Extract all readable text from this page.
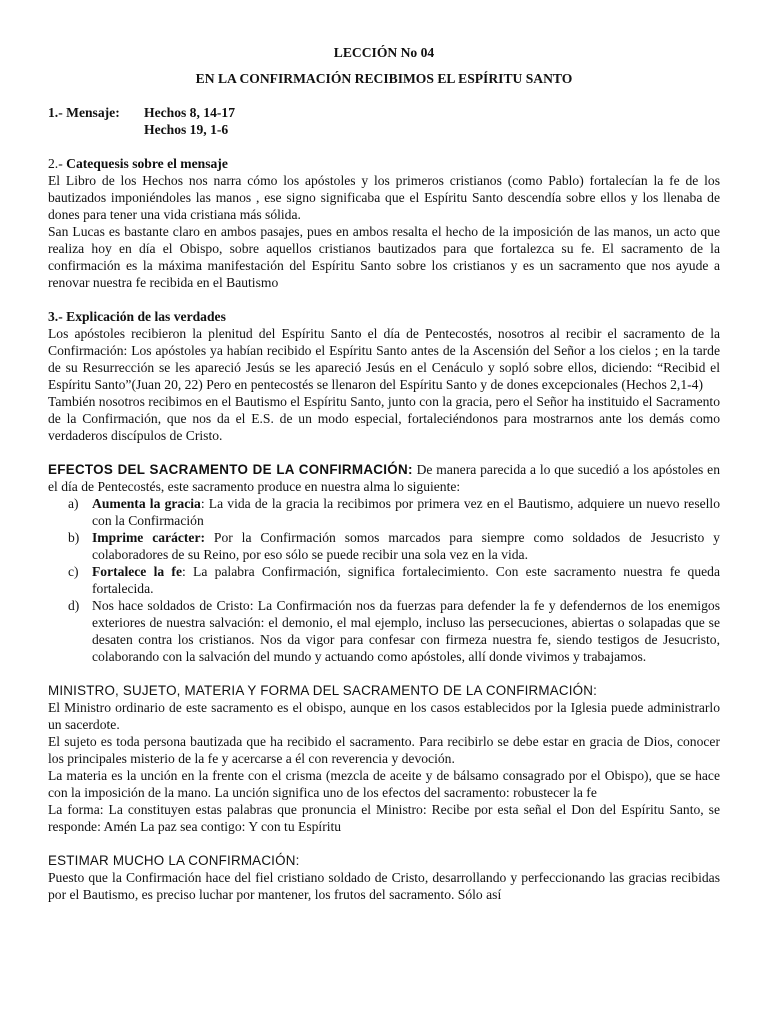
LECCIÓN No 04
EN LA CONFIRMACIÓN RECIBIMOS EL ESPÍRITU SANTO
1.- Mensaje:	Hechos 8, 14-17
Hechos 19, 1-6
2.- Catequesis sobre el mensaje

El Libro de los Hechos nos narra cómo los apóstoles y los primeros cristianos (como Pablo) fortalecían la fe de los bautizados imponiéndoles las manos , ese signo significaba que el Espíritu Santo descendía sobre ellos y los llenaba de dones para tener una vida cristiana más sólida.

San Lucas es bastante claro en ambos pasajes, pues en ambos resalta el hecho de la imposición de las manos, un acto que realiza hoy en día el Obispo, sobre aquellos cristianos bautizados para que fortalezca su fe. El sacramento de la confirmación es la máxima manifestación del Espíritu Santo sobre los cristianos y es un sacramento que nos ayude a renovar nuestra fe recibida en el Bautismo

3.- Explicación de las verdades

Los apóstoles recibieron la plenitud del Espíritu Santo el día de Pentecostés, nosotros al recibir el sacramento de la Confirmación: Los apóstoles ya habían recibido el Espíritu Santo antes de la Ascensión del Señor a los cielos ; en la tarde de su Resurrección se les apareció Jesús se les apareció Jesús en el Cenáculo y sopló sobre ellos, diciendo: “Recibid el Espíritu Santo”(Juan 20, 22) Pero en pentecostés se llenaron del Espíritu Santo y de dones excepcionales (Hechos 2,1-4)

También nosotros recibimos en el Bautismo el Espíritu Santo, junto con la gracia, pero el Señor ha instituido el Sacramento de la Confirmación, que nos da el E.S. de un modo especial, fortaleciéndonos para mostrarnos ante los demás como verdaderos discípulos de Cristo.

EFECTOS DEL SACRAMENTO DE LA CONFIRMACIÓN: De manera parecida a lo que sucedió a los apóstoles en el día de Pentecostés, este sacramento produce en nuestra alma lo siguiente:

a) Aumenta la gracia: La vida de la gracia la recibimos por primera vez en el Bautismo, adquiere un nuevo resello con la Confirmación
b) Imprime carácter: Por la Confirmación somos marcados para siempre como soldados de Jesucristo y colaboradores de su Reino, por eso sólo se puede recibir una sola vez en la vida.
c) Fortalece la fe: La palabra Confirmación, significa fortalecimiento. Con este sacramento nuestra fe queda fortalecida.
d) Nos hace soldados de Cristo: La Confirmación nos da fuerzas para defender la fe y defendernos de los enemigos exteriores de nuestra salvación: el demonio, el mal ejemplo, incluso las persecuciones, abiertas o solapadas que se desaten contra los cristianos. Nos da vigor para confesar con firmeza nuestra fe, siendo testigos de Jesucristo, colaborando con la salvación del mundo y actuando como apóstoles, allí donde vivimos y trabajamos.
MINISTRO, SUJETO, MATERIA Y FORMA DEL SACRAMENTO DE LA CONFIRMACIÓN:

El Ministro ordinario de este sacramento es el obispo, aunque en los casos establecidos por la Iglesia puede administrarlo un sacerdote.

El sujeto es toda persona bautizada que ha recibido el sacramento. Para recibirlo se debe estar en gracia de Dios, conocer los principales misterio de la fe y acercarse a él con reverencia y devoción.

La materia es la unción en la frente con el crisma (mezcla de aceite y de bálsamo consagrado por el Obispo), que se hace con la imposición de la mano. La unción significa uno de los efectos del sacramento: robustecer la fe

La forma: La constituyen estas palabras que pronuncia el Ministro: Recibe por esta señal el Don del Espíritu Santo, se responde: Amén La paz sea contigo: Y con tu Espíritu

ESTIMAR MUCHO LA CONFIRMACIÓN:

Puesto que la Confirmación hace del fiel cristiano soldado de Cristo, desarrollando y perfeccionando las gracias recibidas por el Bautismo, es preciso luchar por mantener, los frutos del sacramento. Sólo así
